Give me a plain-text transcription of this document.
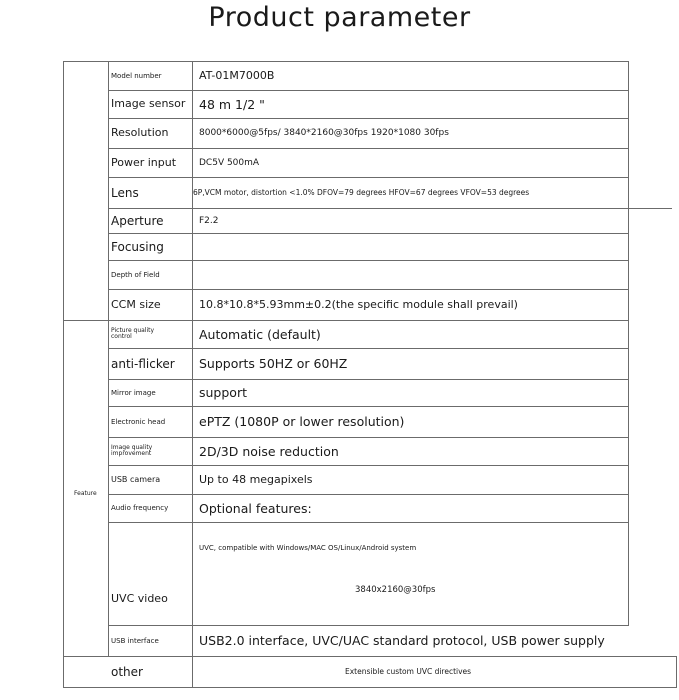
Product parameter
Model number
Image sensor
Resolution
Power input
Lens
Aperture
Focusing
Depth of Field
CCM size
Picture quality control
anti-flicker
Mirror image
Electronic head
Image quality improvement
USB camera
Audio frequency
UVC video
USB interface
Feature
other
AT-01M7000B
48 m 1/2 "
8000*6000@5fps/ 3840*2160@30fps 1920*1080 30fps
DC5V 500mA
6P,VCM motor, distortion <1.0% DFOV=79 degrees HFOV=67 degrees VFOV=53 degrees
F2.2
10.8*10.8*5.93mm±0.2(the specific module shall prevail)
Automatic (default)
Supports 50HZ or 60HZ
support
ePTZ (1080P or lower resolution)
2D/3D noise reduction
Up to 48 megapixels
Optional features:
UVC, compatible with Windows/MAC OS/Linux/Android system
3840x2160@30fps
USB2.0 interface, UVC/UAC standard protocol, USB power supply
Extensible custom UVC directives
